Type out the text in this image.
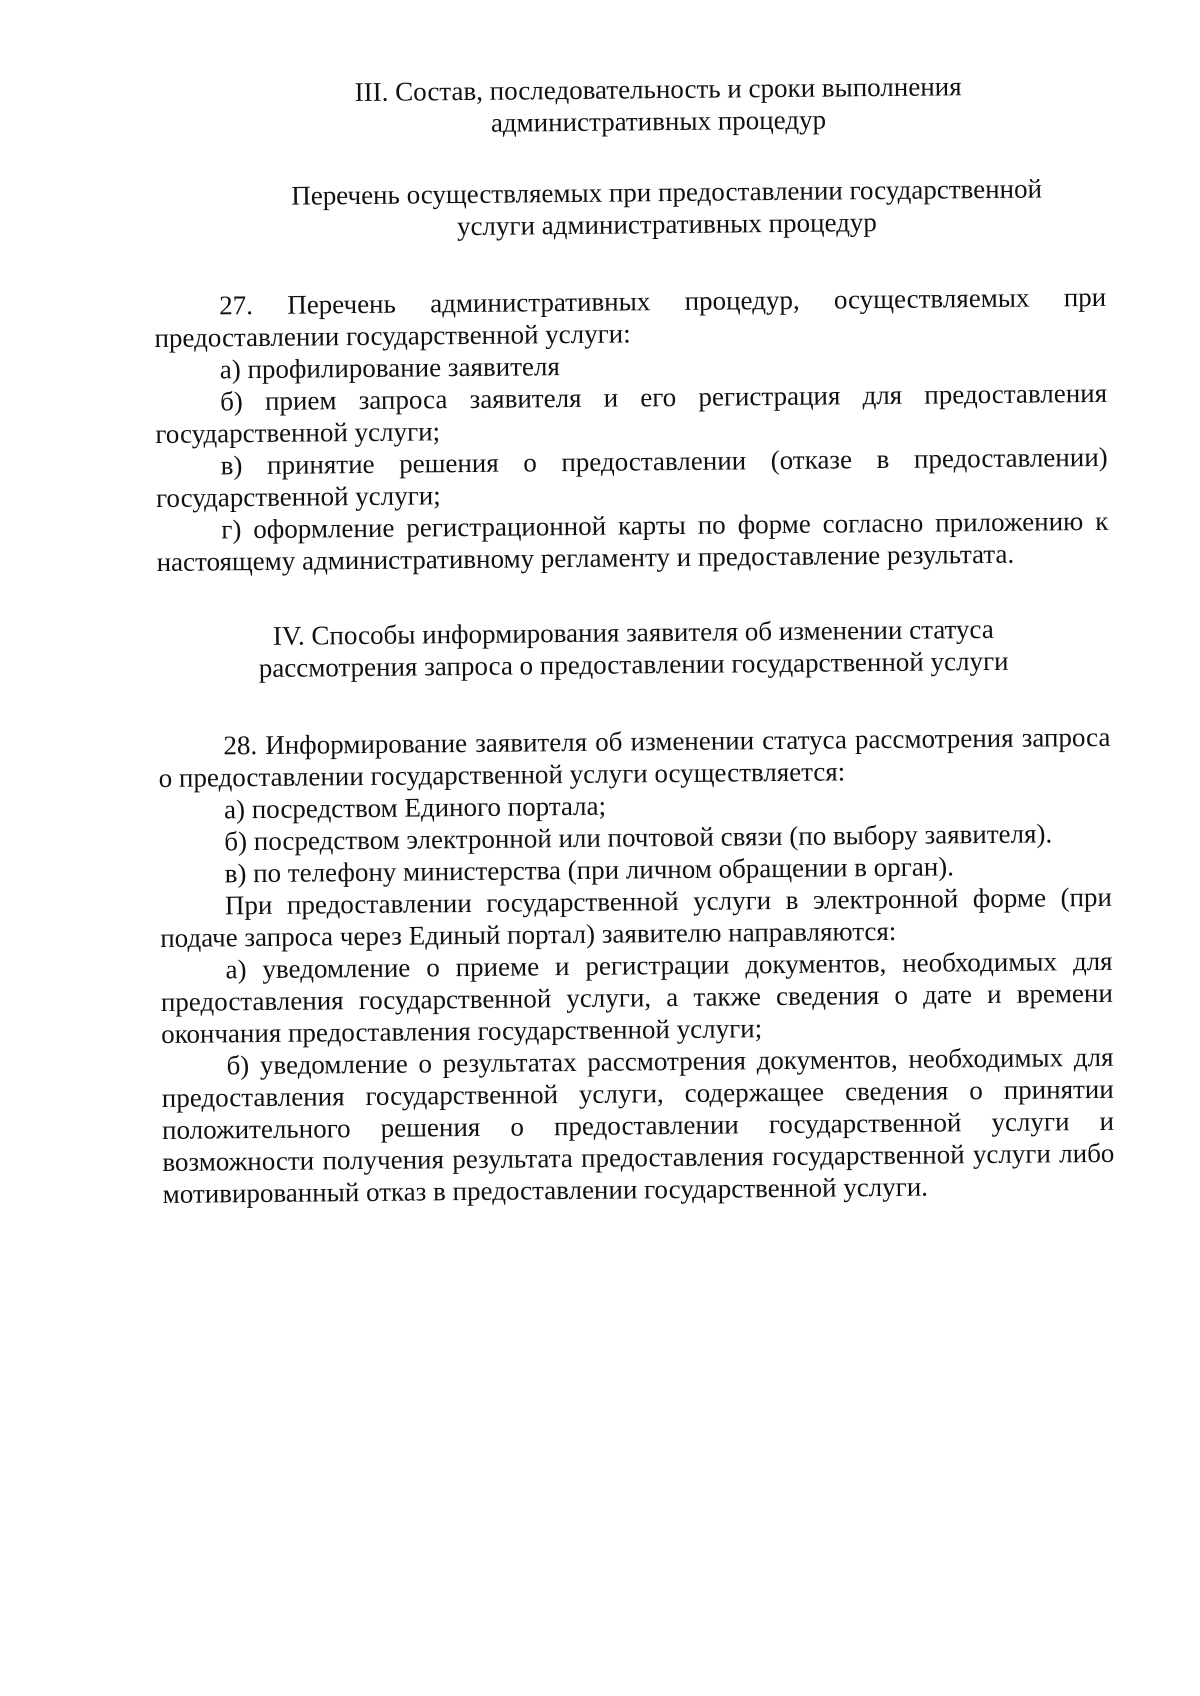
III. Состав, последовательность и сроки выполнения
административных процедур
Перечень осуществляемых при предоставлении государственной
услуги административных процедур

27. Перечень административных процедур, осуществляемых при предоставлении государственной услуги:

а) профилирование заявителя

б) прием запроса заявителя и его регистрация для предоставления государственной услуги;

в) принятие решения о предоставлении (отказе в предоставлении) государственной услуги;

г) оформление регистрационной карты по форме согласно приложению к настоящему административному регламенту и предоставление результата.

IV. Способы информирования заявителя об изменении статуса
рассмотрения запроса о предоставлении государственной услуги

28. Информирование заявителя об изменении статуса рассмотрения запроса о предоставлении государственной услуги осуществляется:

а) посредством Единого портала;

б) посредством электронной или почтовой связи (по выбору заявителя).

в) по телефону министерства (при личном обращении в орган).

При предоставлении государственной услуги в электронной форме (при подаче запроса через Единый портал) заявителю направляются:

а) уведомление о приеме и регистрации документов, необходимых для предоставления государственной услуги, а также сведения о дате и времени окончания предоставления государственной услуги;

б) уведомление о результатах рассмотрения документов, необходимых для предоставления государственной услуги, содержащее сведения о принятии положительного решения о предоставлении государственной услуги и возможности получения результата предоставления государственной услуги либо мотивированный отказ в предоставлении государственной услуги.
